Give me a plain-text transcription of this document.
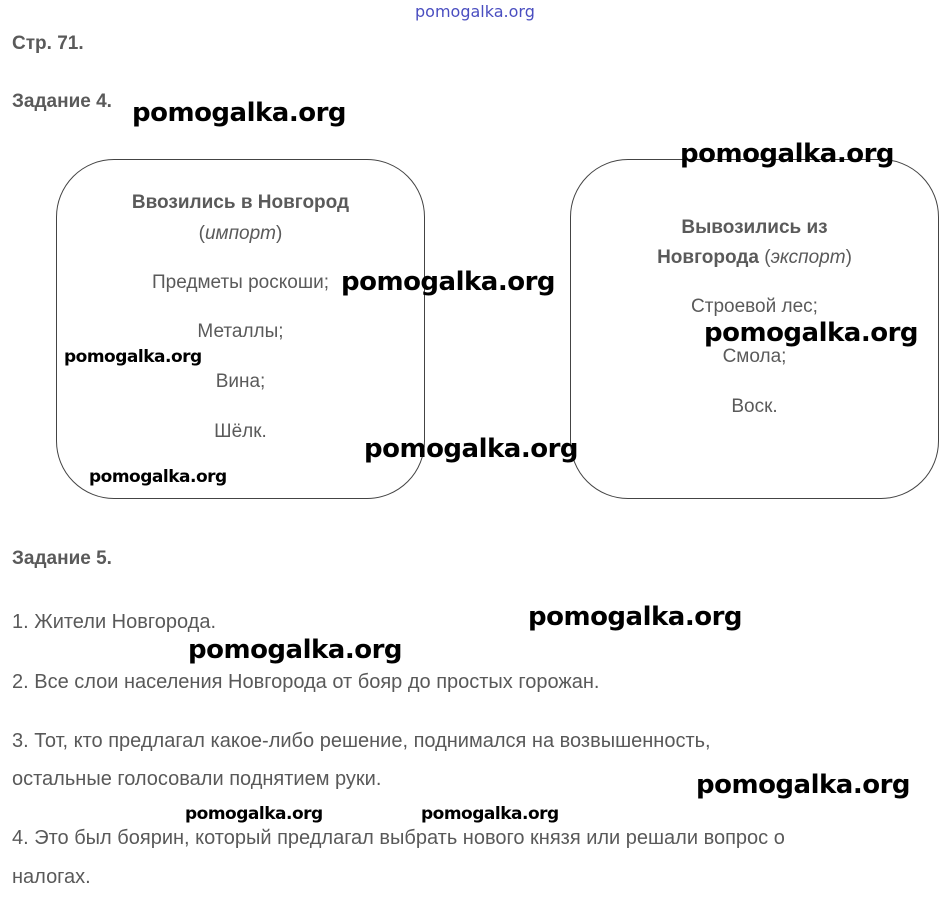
pomogalka.org
Стр. 71.
Задание 4.
Ввозились в Новгород
(импорт)
Предметы роскоши;
Металлы;
Вина;
Шёлк.
Вывозились из
Новгорода (экспорт)
Строевой лес;
Смола;
Воск.
Задание 5.
1. Жители Новгорода.
2. Все слои населения Новгорода от бояр до простых горожан.
3. Тот, кто предлагал какое-либо решение, поднимался на возвышенность,
остальные голосовали поднятием руки.
4. Это был боярин, который предлагал выбрать нового князя или решали вопрос о
налогах.
pomogalka.org
pomogalka.org
pomogalka.org
pomogalka.org
pomogalka.org
pomogalka.org
pomogalka.org
pomogalka.org
pomogalka.org
pomogalka.org
pomogalka.org	pomogalka.org
